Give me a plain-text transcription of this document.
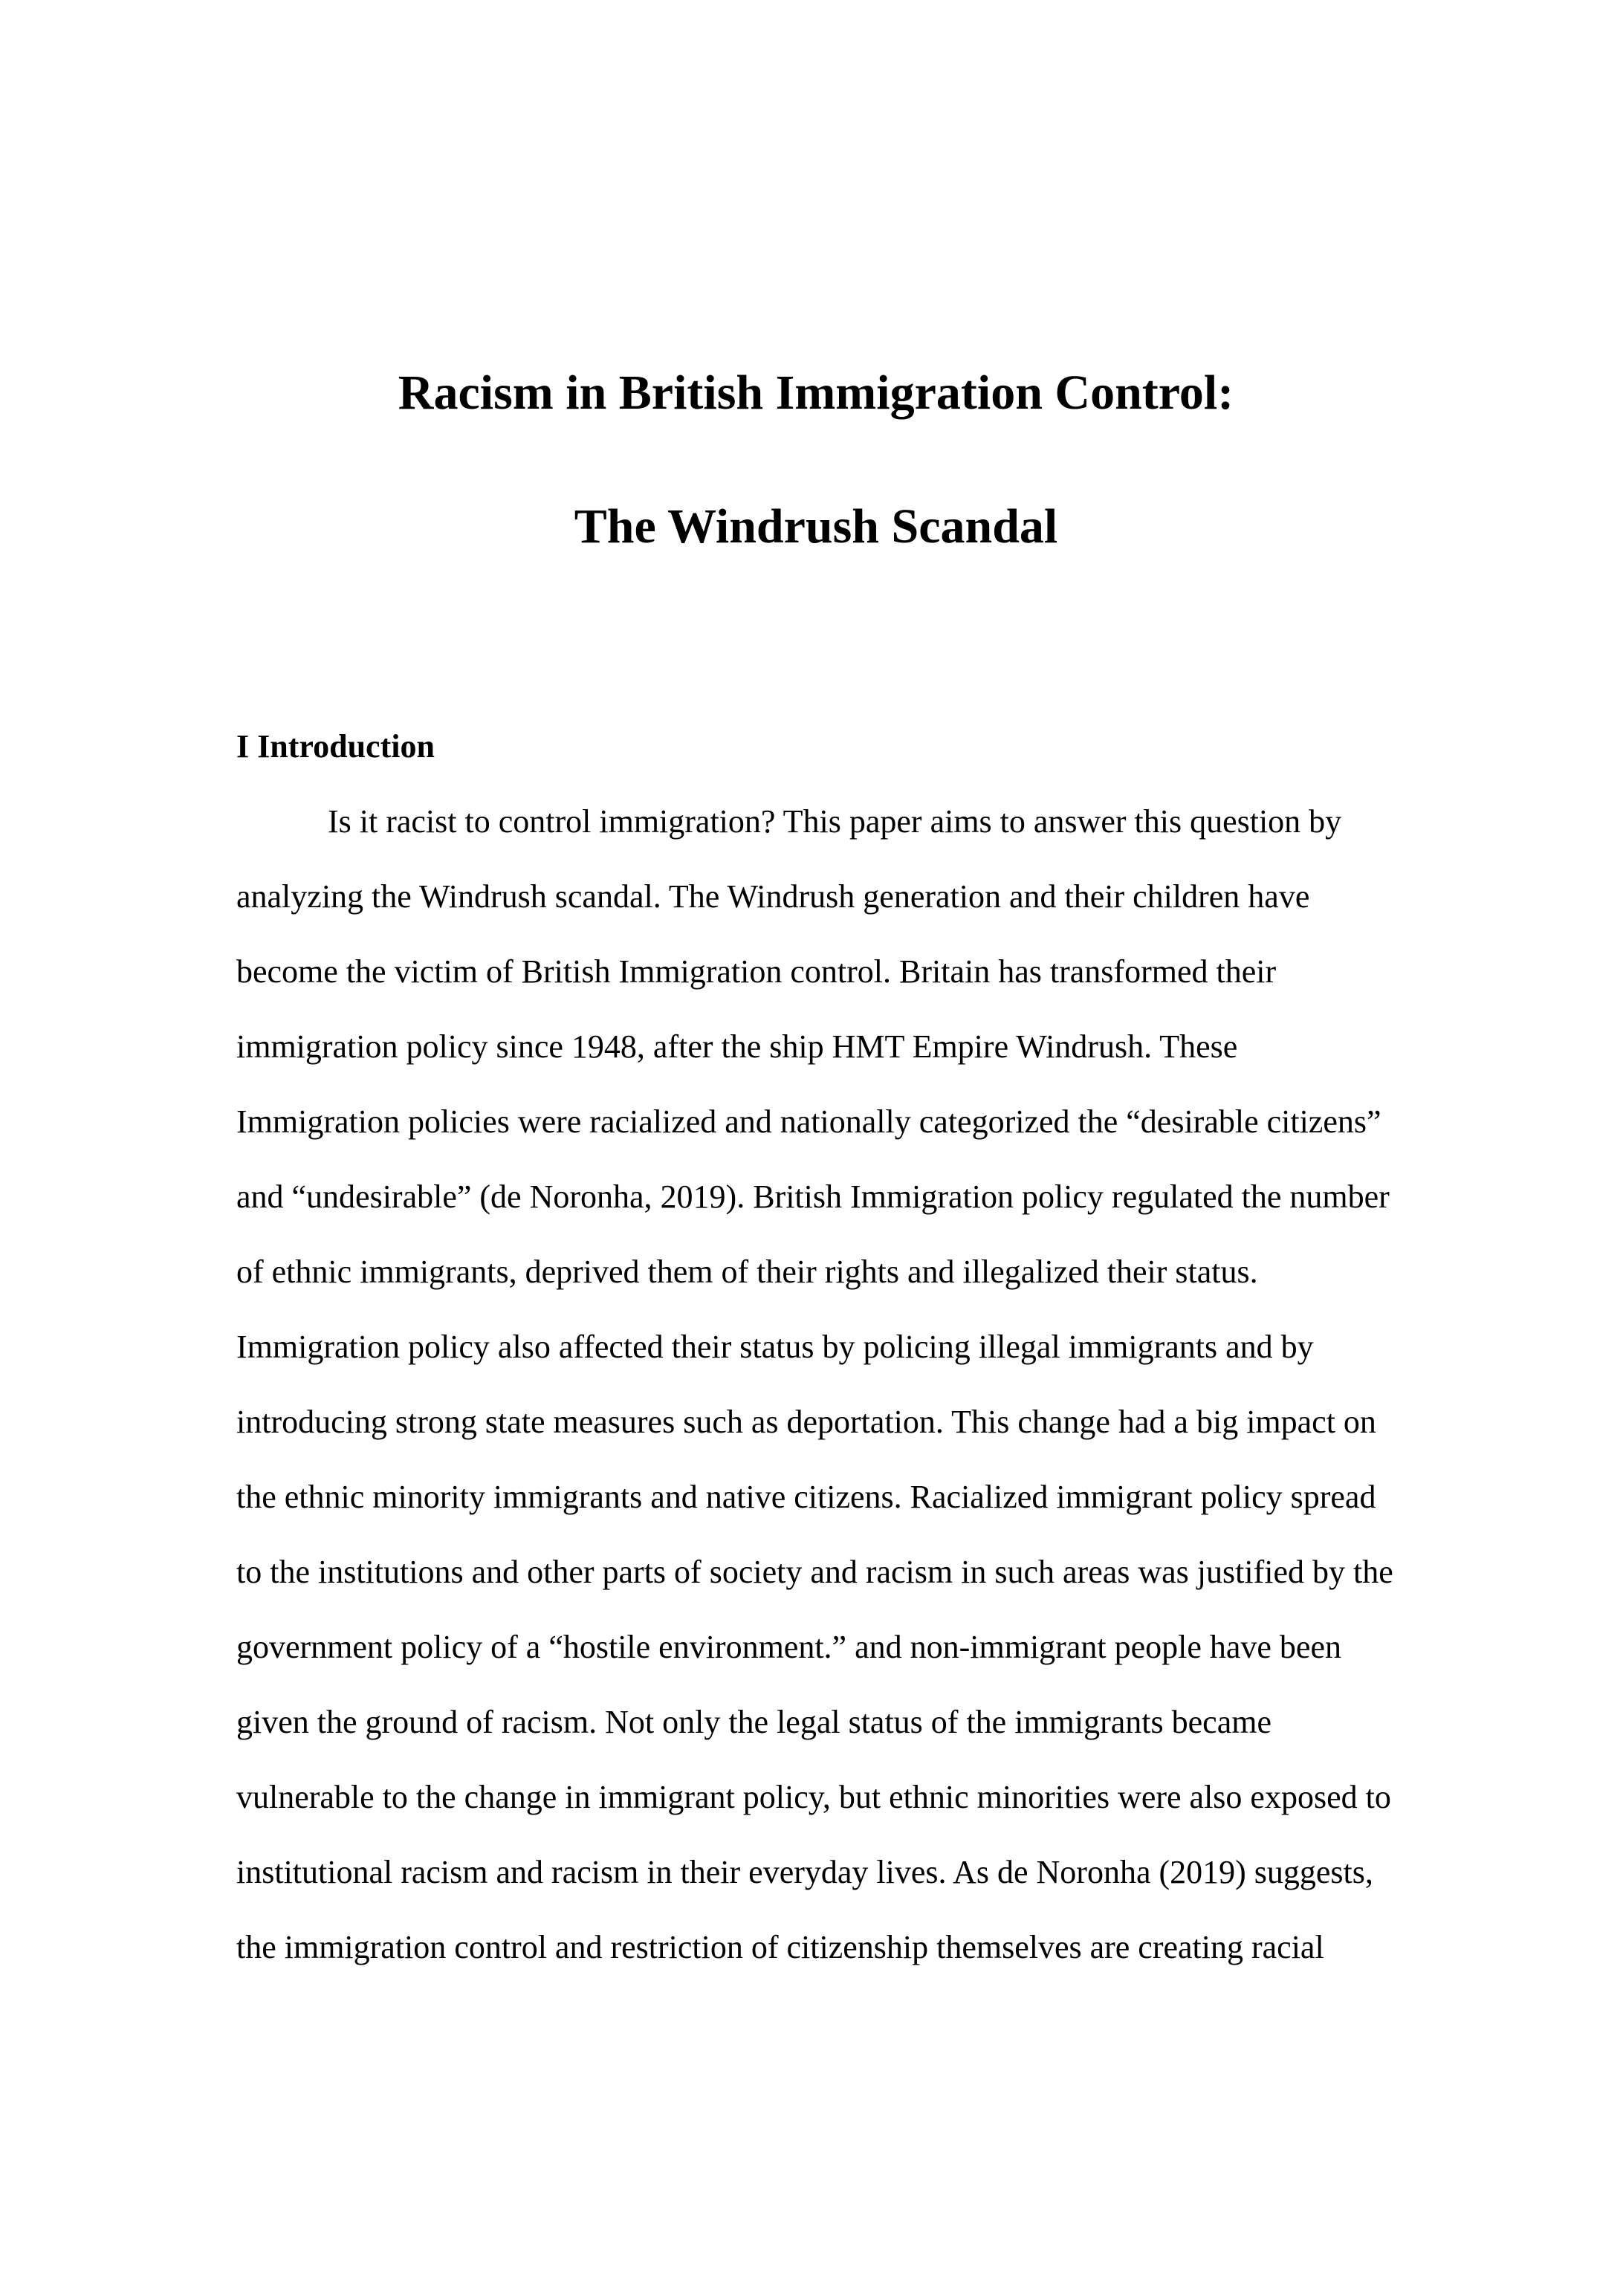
Racism in British Immigration Control:
The Windrush Scandal
I Introduction
Is it racist to control immigration? This paper aims to answer this question by
analyzing the Windrush scandal. The Windrush generation and their children have
become the victim of British Immigration control. Britain has transformed their
immigration policy since 1948, after the ship HMT Empire Windrush. These
Immigration policies were racialized and nationally categorized the “desirable citizens”
and “undesirable” (de Noronha, 2019). British Immigration policy regulated the number
of ethnic immigrants, deprived them of their rights and illegalized their status.
Immigration policy also affected their status by policing illegal immigrants and by
introducing strong state measures such as deportation. This change had a big impact on
the ethnic minority immigrants and native citizens. Racialized immigrant policy spread
to the institutions and other parts of society and racism in such areas was justified by the
government policy of a “hostile environment.” and non-immigrant people have been
given the ground of racism. Not only the legal status of the immigrants became
vulnerable to the change in immigrant policy, but ethnic minorities were also exposed to
institutional racism and racism in their everyday lives. As de Noronha (2019) suggests,
the immigration control and restriction of citizenship themselves are creating racial
